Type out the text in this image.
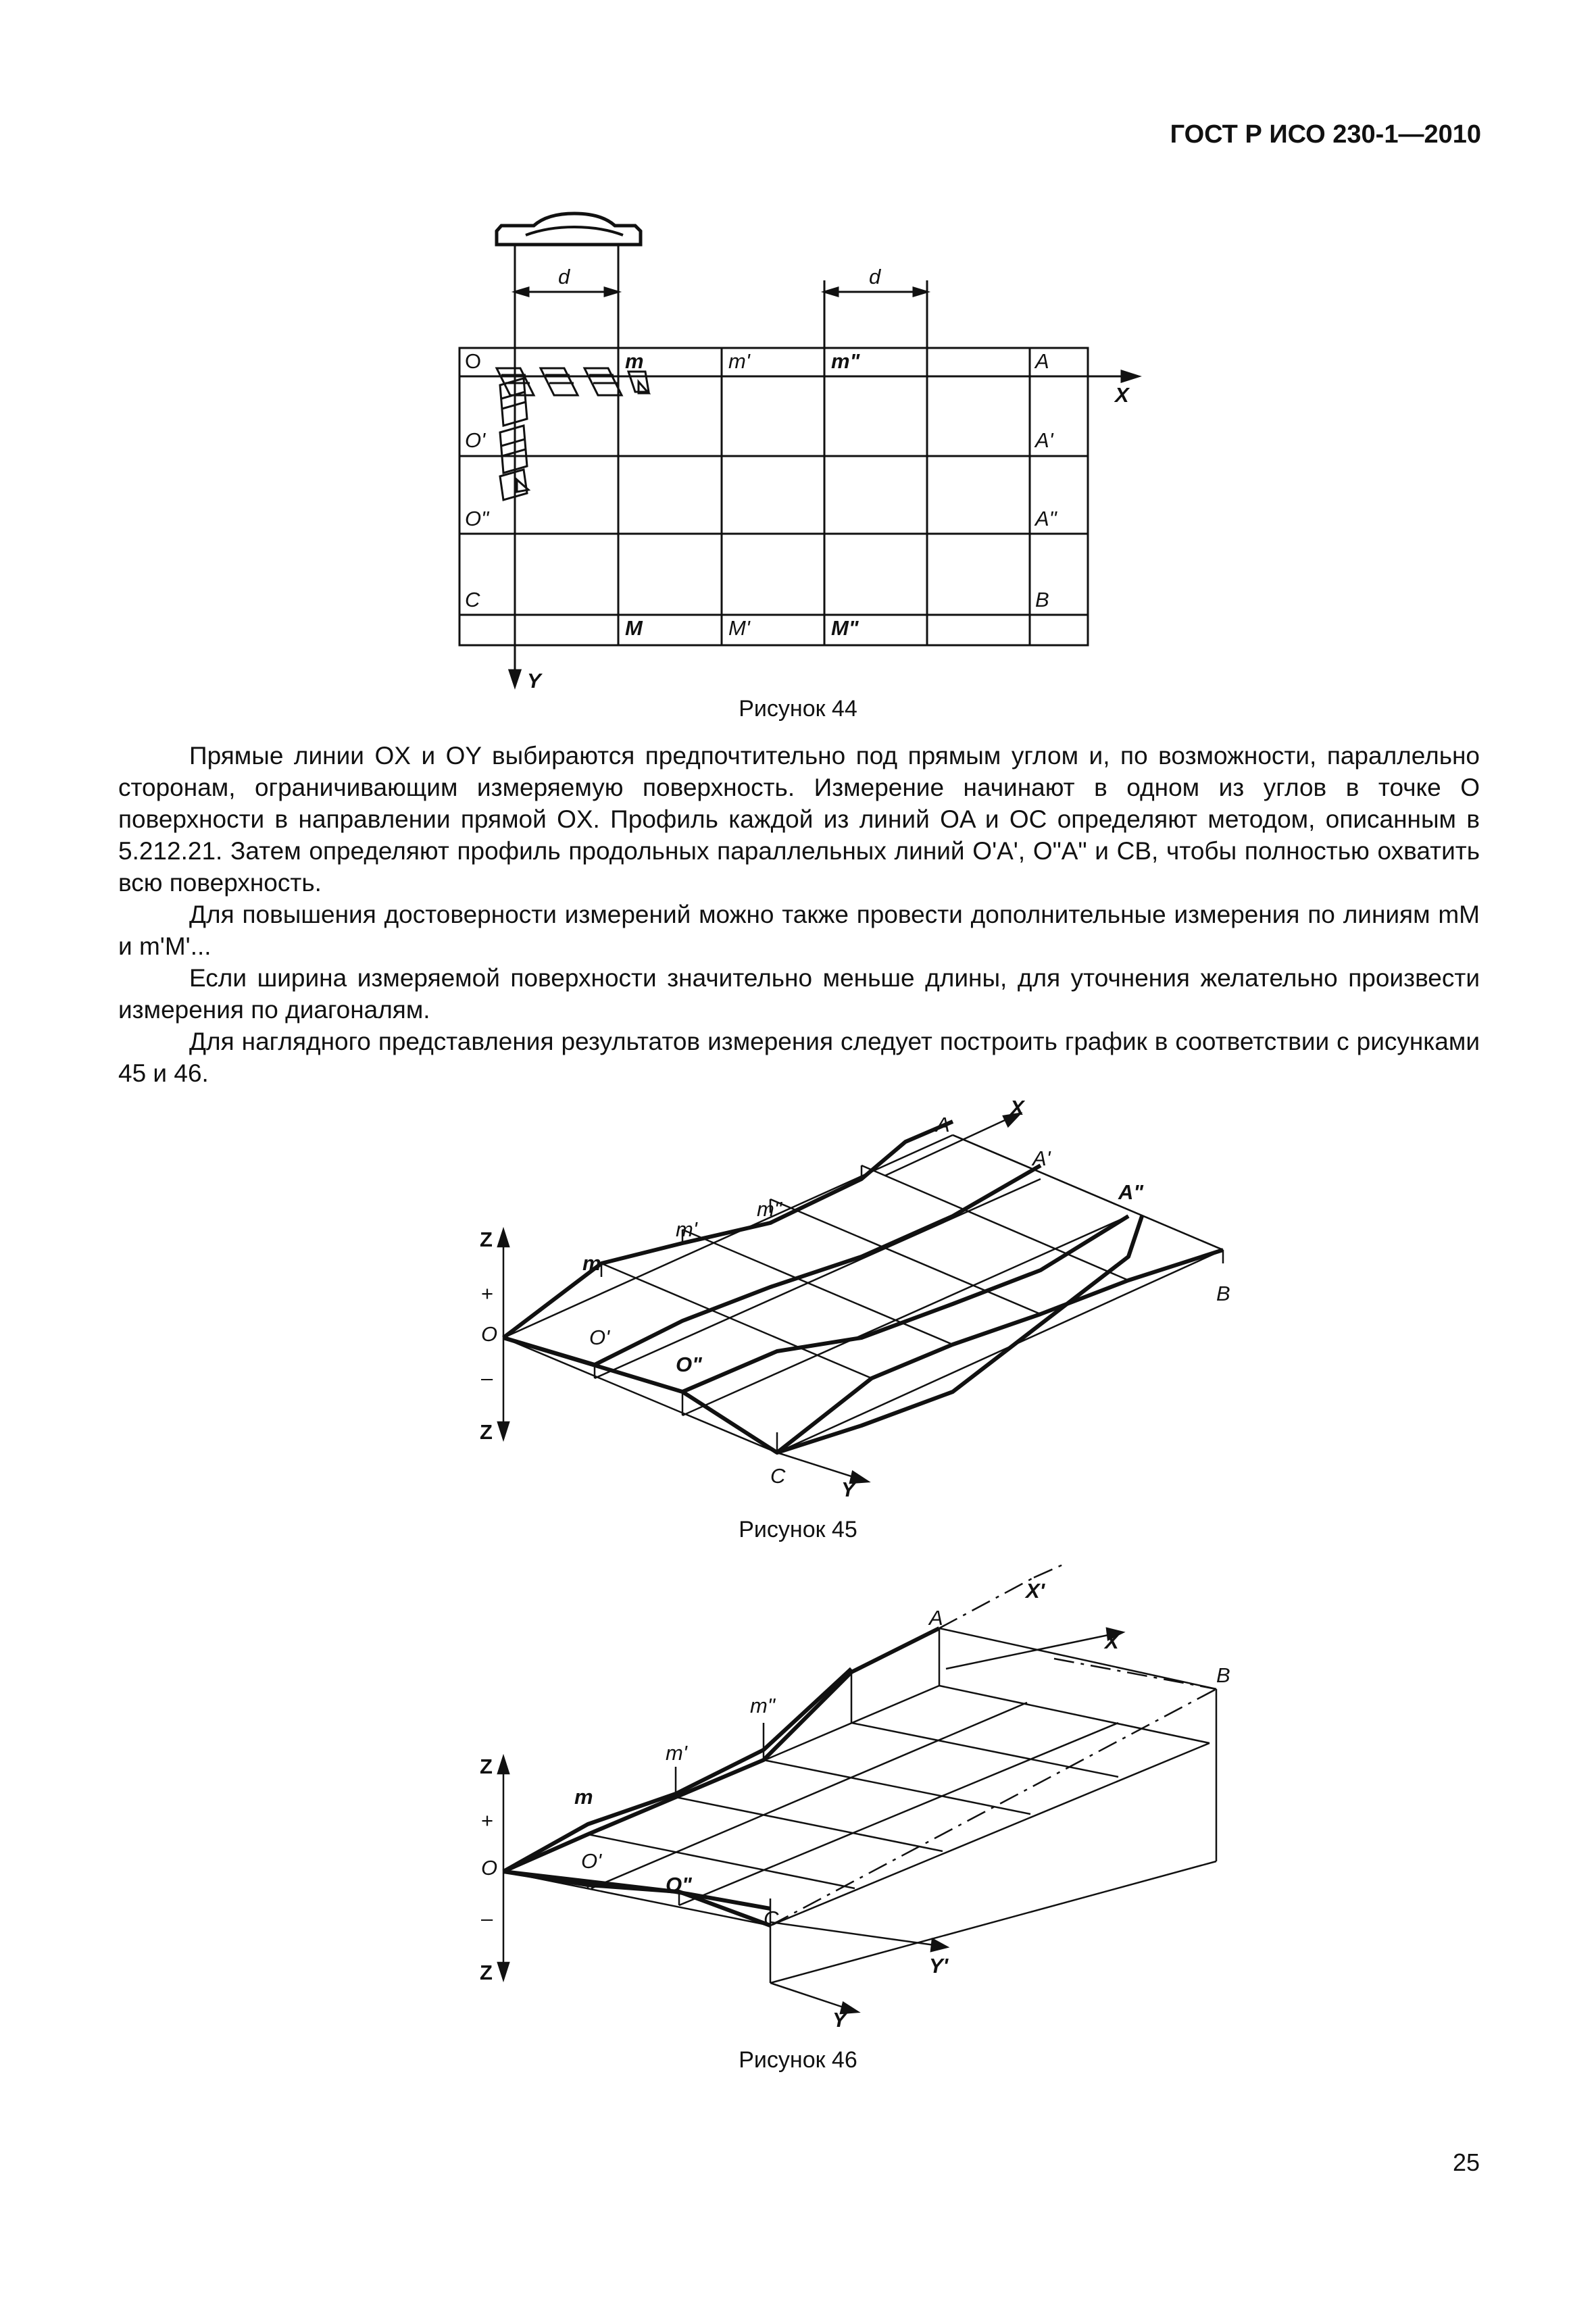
ГОСТ Р ИСО 230-1—2010
d	d
O	m	m'	m"	A
O'
O"
C
A'
A"
B
M	M'	M"
X
Y
Рисунок 44

Прямые линии OX и OY выбираются предпочтительно под прямым углом и, по возможности, параллельно сторонам, ограничивающим измеряемую поверхность. Измерение начинают в одном из углов в точке O поверхности в направлении прямой OX. Профиль каждой из линий OA и OC определяют методом, описанным в 5.212.21. Затем определяют профиль продольных параллельных линий O'A', O"A" и CB, чтобы полностью охватить всю поверхность.

Для повышения достоверности измерений можно также провести дополнительные измерения по линиям mM и m'M'...

Если ширина измеряемой поверхности значительно меньше длины, для уточнения желательно произвести измерения по диагоналям.

Для наглядного представления результатов измерения следует построить график в соответствии с рисунками 45 и 46.

A
X
A'
A"
m"
m'
m
B
Z
+
O
–
Z
O'
O"
C
Y
Рисунок 45
A
X'
X
B
m"
m'
m
Z
+
O
–
Z
O'
O"
C
Y'
Y
Рисунок 46
25
